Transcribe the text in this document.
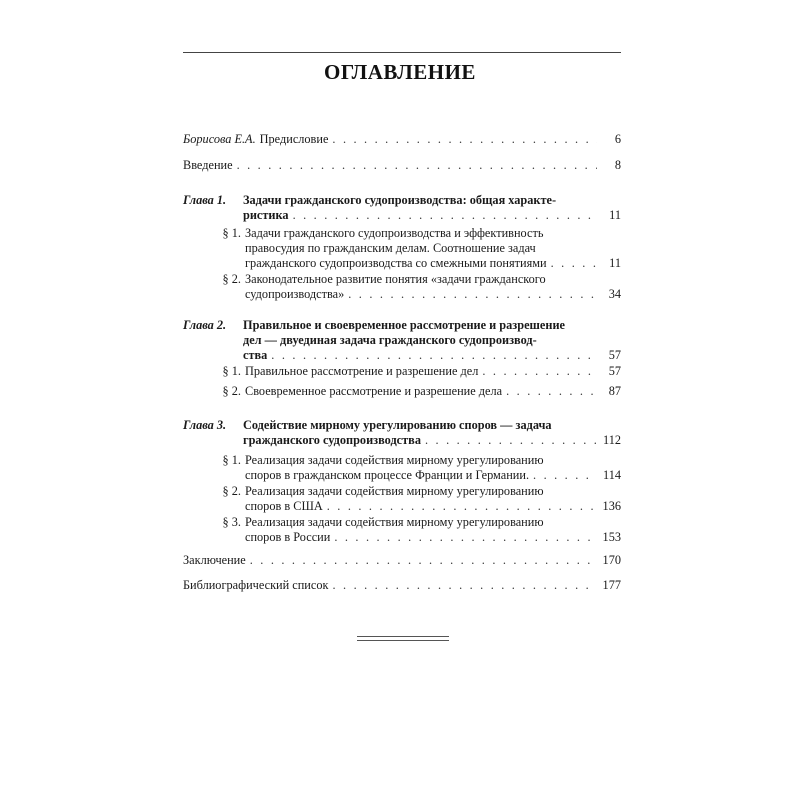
ОГЛАВЛЕНИЕ
Борисова Е.А. Предисловие . . .	6
Введение . . .	8
Глава 1.	Задачи гражданского судопроизводства: общая характе-
ристика . . .	11
§ 1. Задачи гражданского судопроизводства и эффективность
правосудия по гражданским делам. Соотношение задач
гражданского судопроизводства со смежными понятиями . . .	11
§ 2. Законодательное развитие понятия «задачи гражданского
судопроизводства» . . .	34
Глава 2.	Правильное и своевременное рассмотрение и разрешение
дел — двуединая задача гражданского судопроизвод-
ства . . .	57
§ 1. Правильное рассмотрение и разрешение дел . . .	57
§ 2. Своевременное рассмотрение и разрешение дела . . .	87
Глава 3.	Содействие мирному урегулированию споров — задача
гражданского судопроизводства . . .	112
§ 1. Реализация задачи содействия мирному урегулированию
споров в гражданском процессе Франции и Германии. . . .	114
§ 2. Реализация задачи содействия мирному урегулированию
споров в США . . .	136
§ 3. Реализация задачи содействия мирному урегулированию
споров в России . . .	153
Заключение . . .	170
Библиографический список . . .	177
